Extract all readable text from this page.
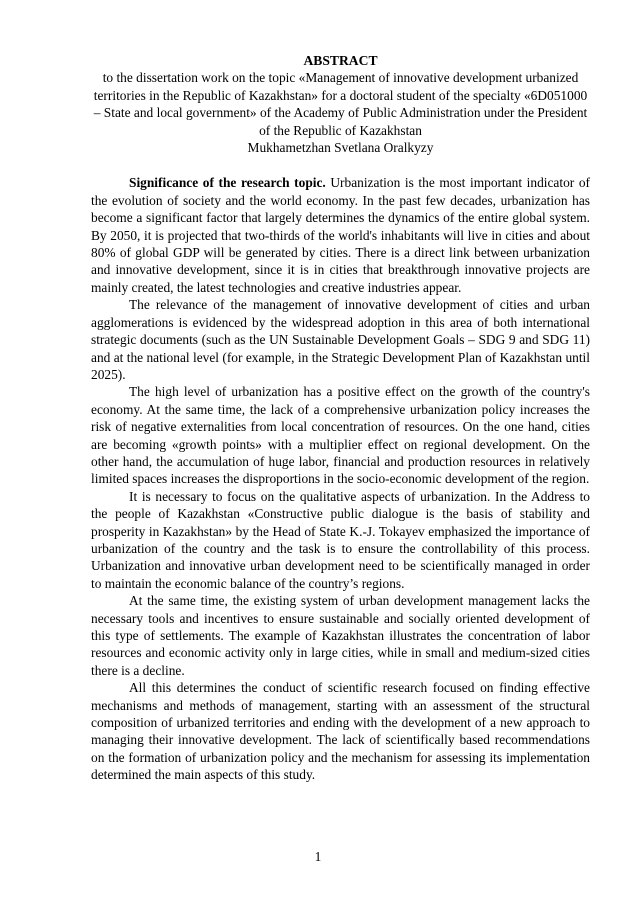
ABSTRACT

to the dissertation work on the topic «Management of innovative development urbanized territories in the Republic of Kazakhstan» for a doctoral student of the specialty «6D051000 – State and local government» of the Academy of Public Administration under the President of the Republic of Kazakhstan

Mukhametzhan Svetlana Oralkyzy

Significance of the research topic. Urbanization is the most important indicator of the evolution of society and the world economy. In the past few decades, urbanization has become a significant factor that largely determines the dynamics of the entire global system. By 2050, it is projected that two-thirds of the world's inhabitants will live in cities and about 80% of global GDP will be generated by cities. There is a direct link between urbanization and innovative development, since it is in cities that breakthrough innovative projects are mainly created, the latest technologies and creative industries appear.

The relevance of the management of innovative development of cities and urban agglomerations is evidenced by the widespread adoption in this area of both international strategic documents (such as the UN Sustainable Development Goals – SDG 9 and SDG 11) and at the national level (for example, in the Strategic Development Plan of Kazakhstan until 2025).

The high level of urbanization has a positive effect on the growth of the country's economy. At the same time, the lack of a comprehensive urbanization policy increases the risk of negative externalities from local concentration of resources. On the one hand, cities are becoming «growth points» with a multiplier effect on regional development. On the other hand, the accumulation of huge labor, financial and production resources in relatively limited spaces increases the disproportions in the socio-economic development of the region.

It is necessary to focus on the qualitative aspects of urbanization. In the Address to the people of Kazakhstan «Constructive public dialogue is the basis of stability and prosperity in Kazakhstan» by the Head of State K.-J. Tokayev emphasized the importance of urbanization of the country and the task is to ensure the controllability of this process. Urbanization and innovative urban development need to be scientifically managed in order to maintain the economic balance of the country’s regions.

At the same time, the existing system of urban development management lacks the necessary tools and incentives to ensure sustainable and socially oriented development of this type of settlements. The example of Kazakhstan illustrates the concentration of labor resources and economic activity only in large cities, while in small and medium-sized cities there is a decline.

All this determines the conduct of scientific research focused on finding effective mechanisms and methods of management, starting with an assessment of the structural composition of urbanized territories and ending with the development of a new approach to managing their innovative development. The lack of scientifically based recommendations on the formation of urbanization policy and the mechanism for assessing its implementation determined the main aspects of this study.

1
